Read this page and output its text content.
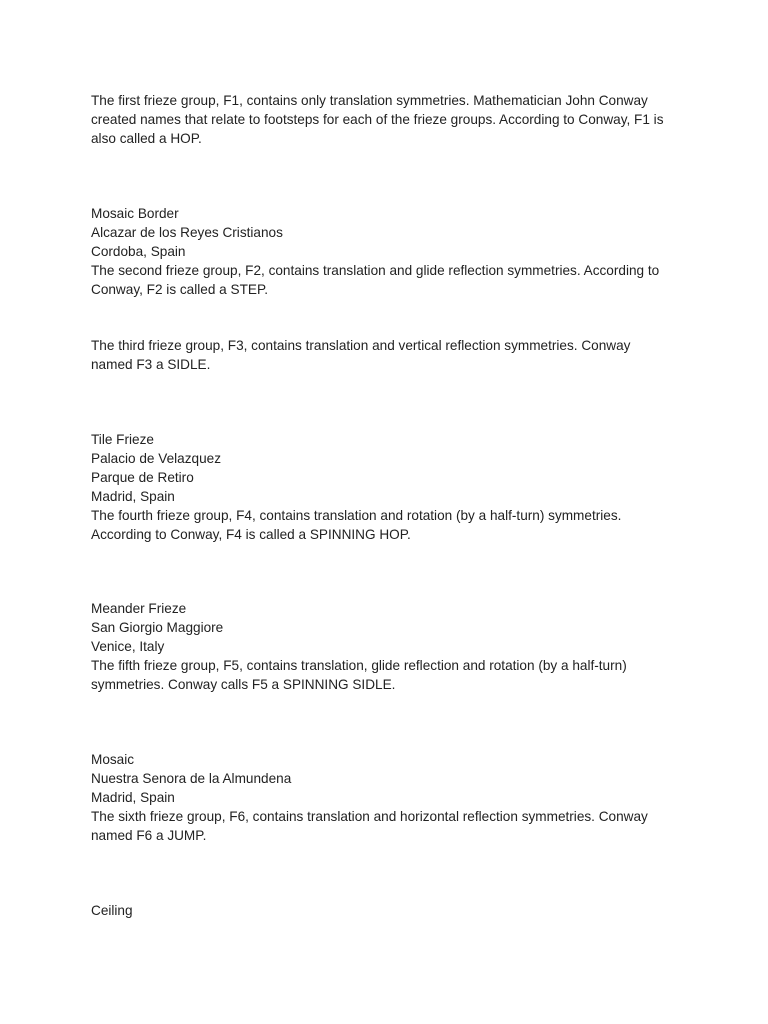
The first frieze group, F1, contains only translation symmetries. Mathematician John Conway
created names that relate to footsteps for each of the frieze groups. According to Conway, F1 is
also called a HOP.
Mosaic Border
Alcazar de los Reyes Cristianos
Cordoba, Spain
The second frieze group, F2, contains translation and glide reflection symmetries. According to
Conway, F2 is called a STEP.
The third frieze group, F3, contains translation and vertical reflection symmetries. Conway
named F3 a SIDLE.
Tile Frieze
Palacio de Velazquez
Parque de Retiro
Madrid, Spain
The fourth frieze group, F4, contains translation and rotation (by a half-turn) symmetries.
According to Conway, F4 is called a SPINNING HOP.
Meander Frieze
San Giorgio Maggiore
Venice, Italy
The fifth frieze group, F5, contains translation, glide reflection and rotation (by a half-turn)
symmetries. Conway calls F5 a SPINNING SIDLE.
Mosaic
Nuestra Senora de la Almundena
Madrid, Spain
The sixth frieze group, F6, contains translation and horizontal reflection symmetries. Conway
named F6 a JUMP.
Ceiling
